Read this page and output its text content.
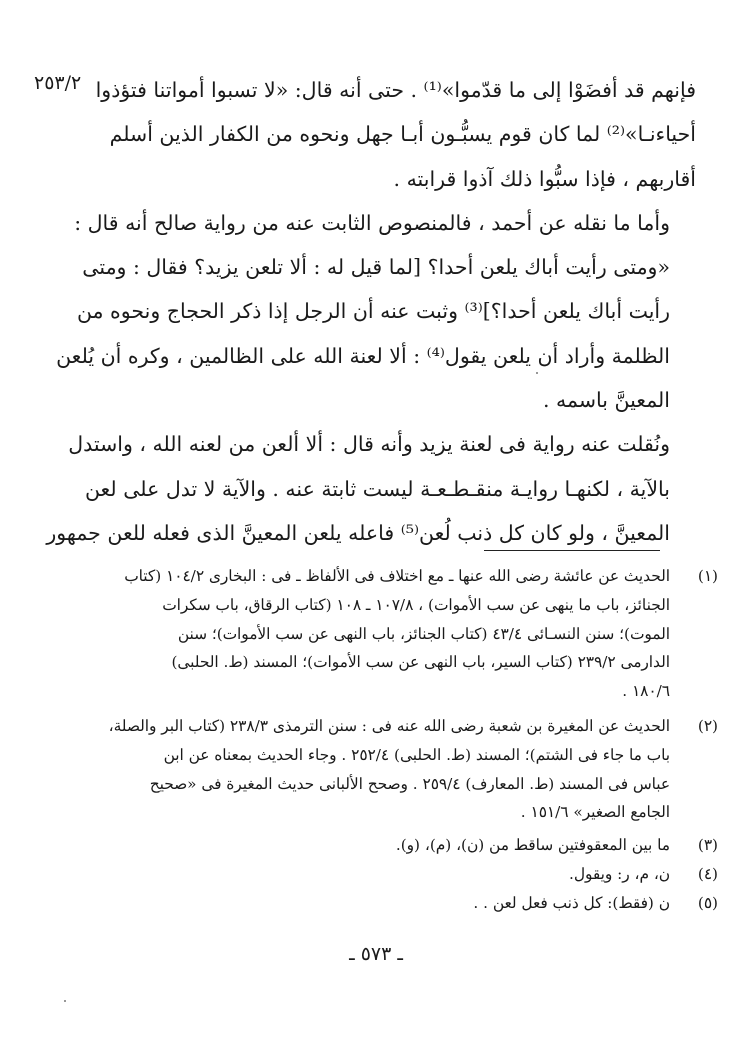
٢٥٣/٢ فإنهم قد أفضَوْا إلى ما قدّموا»⁽¹⁾ . حتى أنه قال: «لا تسبوا أمواتنا فتؤذوا
أحياءنـا»⁽²⁾ لما كان قوم يسبُّـون أبـا جهل ونحوه من الكفار الذين أسلم
أقاربهم ، فإذا سبُّوا ذلك آذوا قرابته .

وأما ما نقله عن أحمد ، فالمنصوص الثابت عنه من رواية صالح أنه قال :
«ومتى رأيت أباك يلعن أحدا؟ [لما قيل له : ألا تلعن يزيد؟ فقال : ومتى
رأيت أباك يلعن أحدا؟]⁽³⁾ وثبت عنه أن الرجل إذا ذكر الحجاج ونحوه من
الظلمة وأراد أن يلعن يقول⁽⁴⁾ : ألا لعنة الله على الظالمين ، وكره أن يُلعن
المعينَّ باسمه .

ونُقلت عنه رواية فى لعنة يزيد وأنه قال : ألا ألعن من لعنه الله ، واستدل
بالآية ، لكنهـا روايـة منقـطـعـة ليست ثابتة عنه . والآية لا تدل على لعن
المعينَّ ، ولو كان كل ذنب لُعن⁽⁵⁾ فاعله يلعن المعينَّ الذى فعله للعن جمهور

(١)
الحديث عن عائشة رضى الله عنها ـ مع اختلاف فى الألفاظ ـ فى : البخارى ١٠٤/٢ (كتاب
الجنائز، باب ما ينهى عن سب الأموات) ، ١٠٧/٨ ـ ١٠٨ (كتاب الرقاق، باب سكرات
الموت)؛ سنن النسـائى ٤٣/٤ (كتاب الجنائز، باب النهى عن سب الأموات)؛ سنن
الدارمى ٢٣٩/٢ (كتاب السير، باب النهى عن سب الأموات)؛ المسند (ط. الحلبى)
١٨٠/٦ .
(٢)
الحديث عن المغيرة بن شعبة رضى الله عنه فى : سنن الترمذى ٢٣٨/٣ (كتاب البر والصلة،
باب ما جاء فى الشتم)؛ المسند (ط. الحلبى) ٢٥٢/٤ . وجاء الحديث بمعناه عن ابن
عباس فى المسند (ط. المعارف) ٢٥٩/٤ . وصحح الألبانى حديث المغيرة فى «صحيح
الجامع الصغير» ١٥١/٦ .
(٣)
ما بين المعقوفتين ساقط من (ن)، (م)، (و).
(٤)
ن، م، ر: ويقول.
(٥)
ن (فقط): كل ذنب فعل لعن . .
ـ ٥٧٣ ـ
